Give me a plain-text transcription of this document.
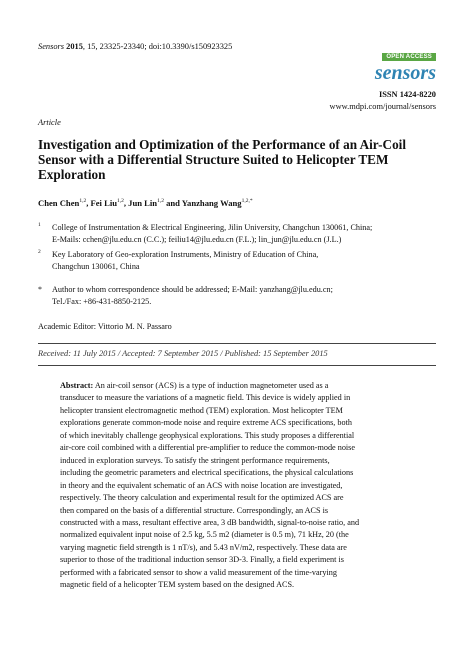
Sensors 2015, 15, 23325-23340; doi:10.3390/s150923325
OPEN ACCESS
sensors
ISSN 1424-8220
www.mdpi.com/journal/sensors
Article
Investigation and Optimization of the Performance of an Air-Coil Sensor with a Differential Structure Suited to Helicopter TEM Exploration
Chen Chen$^{1,2}$, Fei Liu$^{1,2}$, Jun Lin$^{1,2}$ and Yanzhang Wang$^{1,2,*}$
1 College of Instrumentation & Electrical Engineering, Jilin University, Changchun 130061, China;
E-Mails: cchen@jlu.edu.cn (C.C.); feiliu14@jlu.edu.cn (F.L.); lin_jun@jlu.edu.cn (J.L.)
2 Key Laboratory of Geo-exploration Instruments, Ministry of Education of China,
Changchun 130061, China
* Author to whom correspondence should be addressed; E-Mail: yanzhang@jlu.edu.cn;
Tel./Fax: +86-431-8850-2125.
Academic Editor: Vittorio M. N. Passaro
Received: 11 July 2015 / Accepted: 7 September 2015 / Published: 15 September 2015
Abstract: An air-coil sensor (ACS) is a type of induction magnetometer used as a
transducer to measure the variations of a magnetic field. This device is widely applied in
helicopter transient electromagnetic method (TEM) exploration. Most helicopter TEM
explorations generate common-mode noise and require extreme ACS specifications, both
of which inevitably challenge geophysical explorations. This study proposes a differential
air-core coil combined with a differential pre-amplifier to reduce the common-mode noise
induced in exploration surveys. To satisfy the stringent performance requirements,
including the geometric parameters and electrical specifications, the physical calculations
in theory and the equivalent schematic of an ACS with noise location are investigated,
respectively. The theory calculation and experimental result for the optimized ACS are
then compared on the basis of a differential structure. Correspondingly, an ACS is
constructed with a mass, resultant effective area, 3 dB bandwidth, signal-to-noise ratio, and
normalized equivalent input noise of 2.5 kg, 5.5 m2 (diameter is 0.5 m), 71 kHz, 20 (the
varying magnetic field strength is 1 nT/s), and 5.43 nV/m2, respectively. These data are
superior to those of the traditional induction sensor 3D-3. Finally, a field experiment is
performed with a fabricated sensor to show a valid measurement of the time-varying
magnetic field of a helicopter TEM system based on the designed ACS.
